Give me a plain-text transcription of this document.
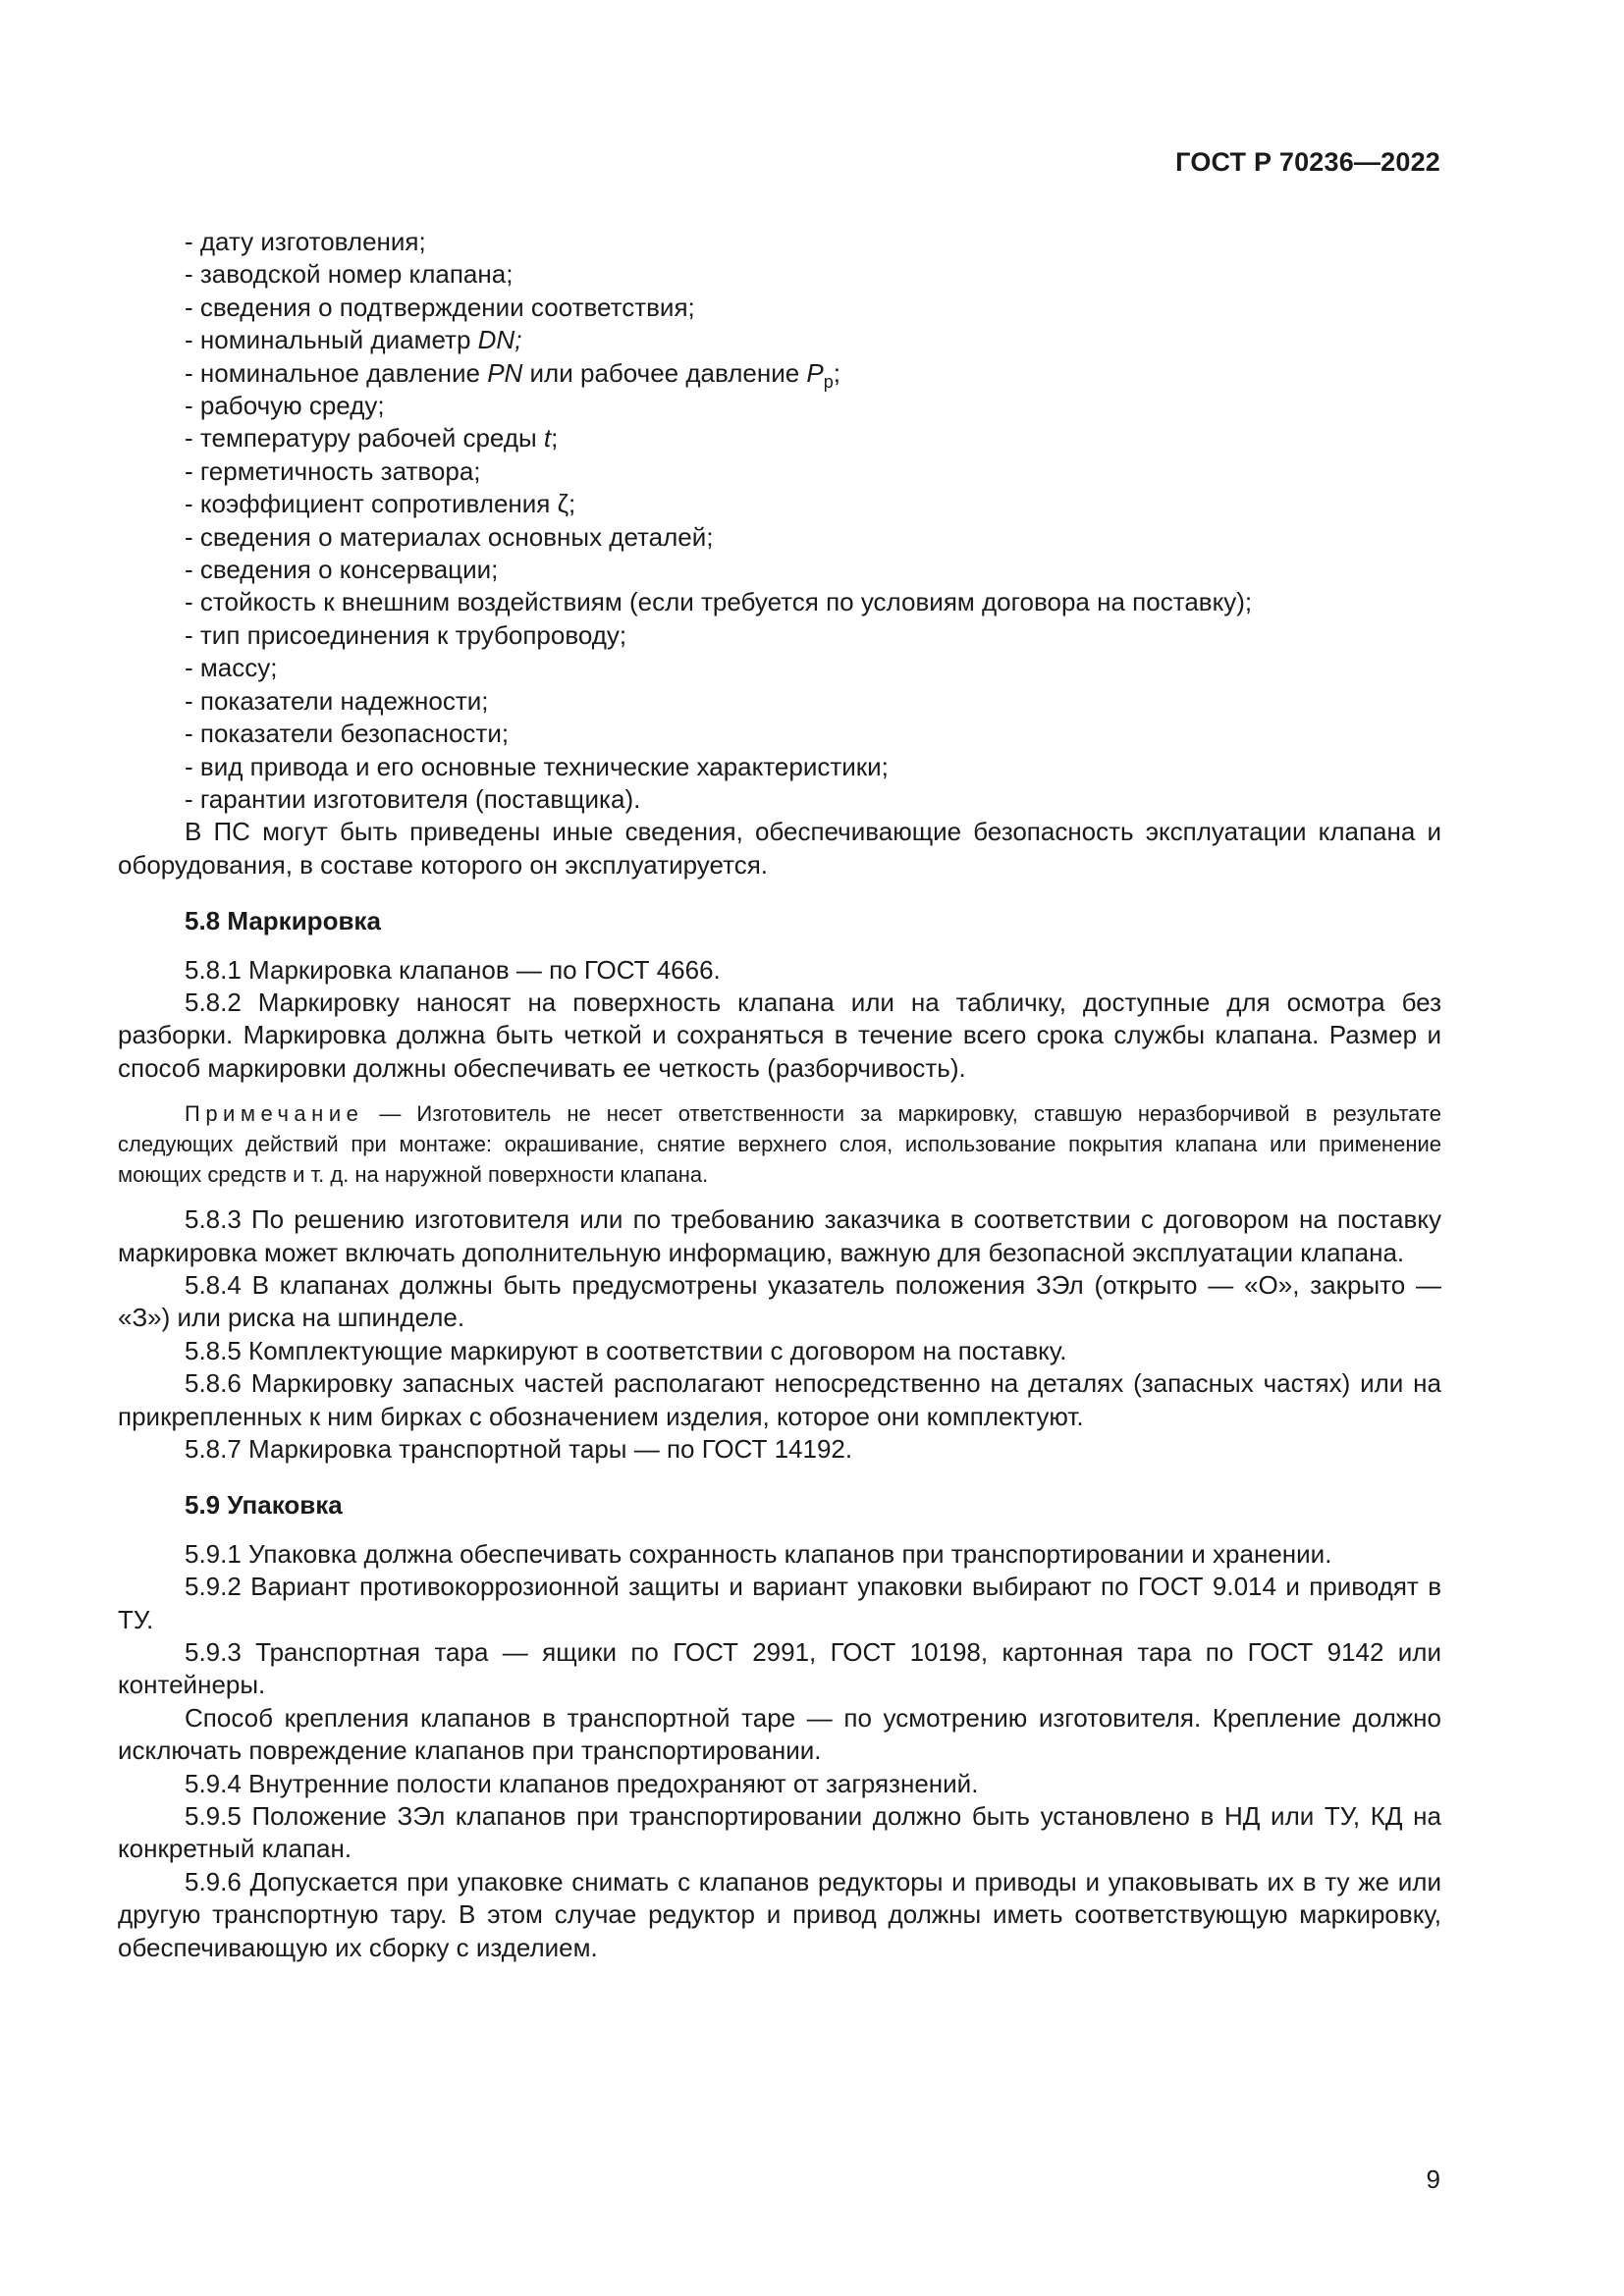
ГОСТ Р 70236—2022
- дату изготовления;
- заводской номер клапана;
- сведения о подтверждении соответствия;
- номинальный диаметр DN;
- номинальное давление PN или рабочее давление $P_р$;
- рабочую среду;
- температуру рабочей среды t;
- герметичность затвора;
- коэффициент сопротивления ζ;
- сведения о материалах основных деталей;
- сведения о консервации;
- стойкость к внешним воздействиям (если требуется по условиям договора на поставку);
- тип присоединения к трубопроводу;
- массу;
- показатели надежности;
- показатели безопасности;
- вид привода и его основные технические характеристики;
- гарантии изготовителя (поставщика).

В ПС могут быть приведены иные сведения, обеспечивающие безопасность эксплуатации клапана и оборудования, в составе которого он эксплуатируется.

5.8 Маркировка

5.8.1 Маркировка клапанов — по ГОСТ 4666.

5.8.2 Маркировку наносят на поверхность клапана или на табличку, доступные для осмотра без разборки. Маркировка должна быть четкой и сохраняться в течение всего срока службы клапана. Размер и способ маркировки должны обеспечивать ее четкость (разборчивость).

Примечание — Изготовитель не несет ответственности за маркировку, ставшую неразборчивой в результате следующих действий при монтаже: окрашивание, снятие верхнего слоя, использование покрытия клапана или применение моющих средств и т. д. на наружной поверхности клапана.

5.8.3 По решению изготовителя или по требованию заказчика в соответствии с договором на поставку маркировка может включать дополнительную информацию, важную для безопасной эксплуатации клапана.

5.8.4 В клапанах должны быть предусмотрены указатель положения ЗЭл (открыто — «О», закрыто — «З») или риска на шпинделе.

5.8.5 Комплектующие маркируют в соответствии с договором на поставку.

5.8.6 Маркировку запасных частей располагают непосредственно на деталях (запасных частях) или на прикрепленных к ним бирках с обозначением изделия, которое они комплектуют.

5.8.7 Маркировка транспортной тары — по ГОСТ 14192.

5.9 Упаковка

5.9.1 Упаковка должна обеспечивать сохранность клапанов при транспортировании и хранении.

5.9.2 Вариант противокоррозионной защиты и вариант упаковки выбирают по ГОСТ 9.014 и приводят в ТУ.

5.9.3 Транспортная тара — ящики по ГОСТ 2991, ГОСТ 10198, картонная тара по ГОСТ 9142 или контейнеры.

Способ крепления клапанов в транспортной таре — по усмотрению изготовителя. Крепление должно исключать повреждение клапанов при транспортировании.

5.9.4 Внутренние полости клапанов предохраняют от загрязнений.

5.9.5 Положение ЗЭл клапанов при транспортировании должно быть установлено в НД или ТУ, КД на конкретный клапан.

5.9.6 Допускается при упаковке снимать с клапанов редукторы и приводы и упаковывать их в ту же или другую транспортную тару. В этом случае редуктор и привод должны иметь соответствующую маркировку, обеспечивающую их сборку с изделием.

9
